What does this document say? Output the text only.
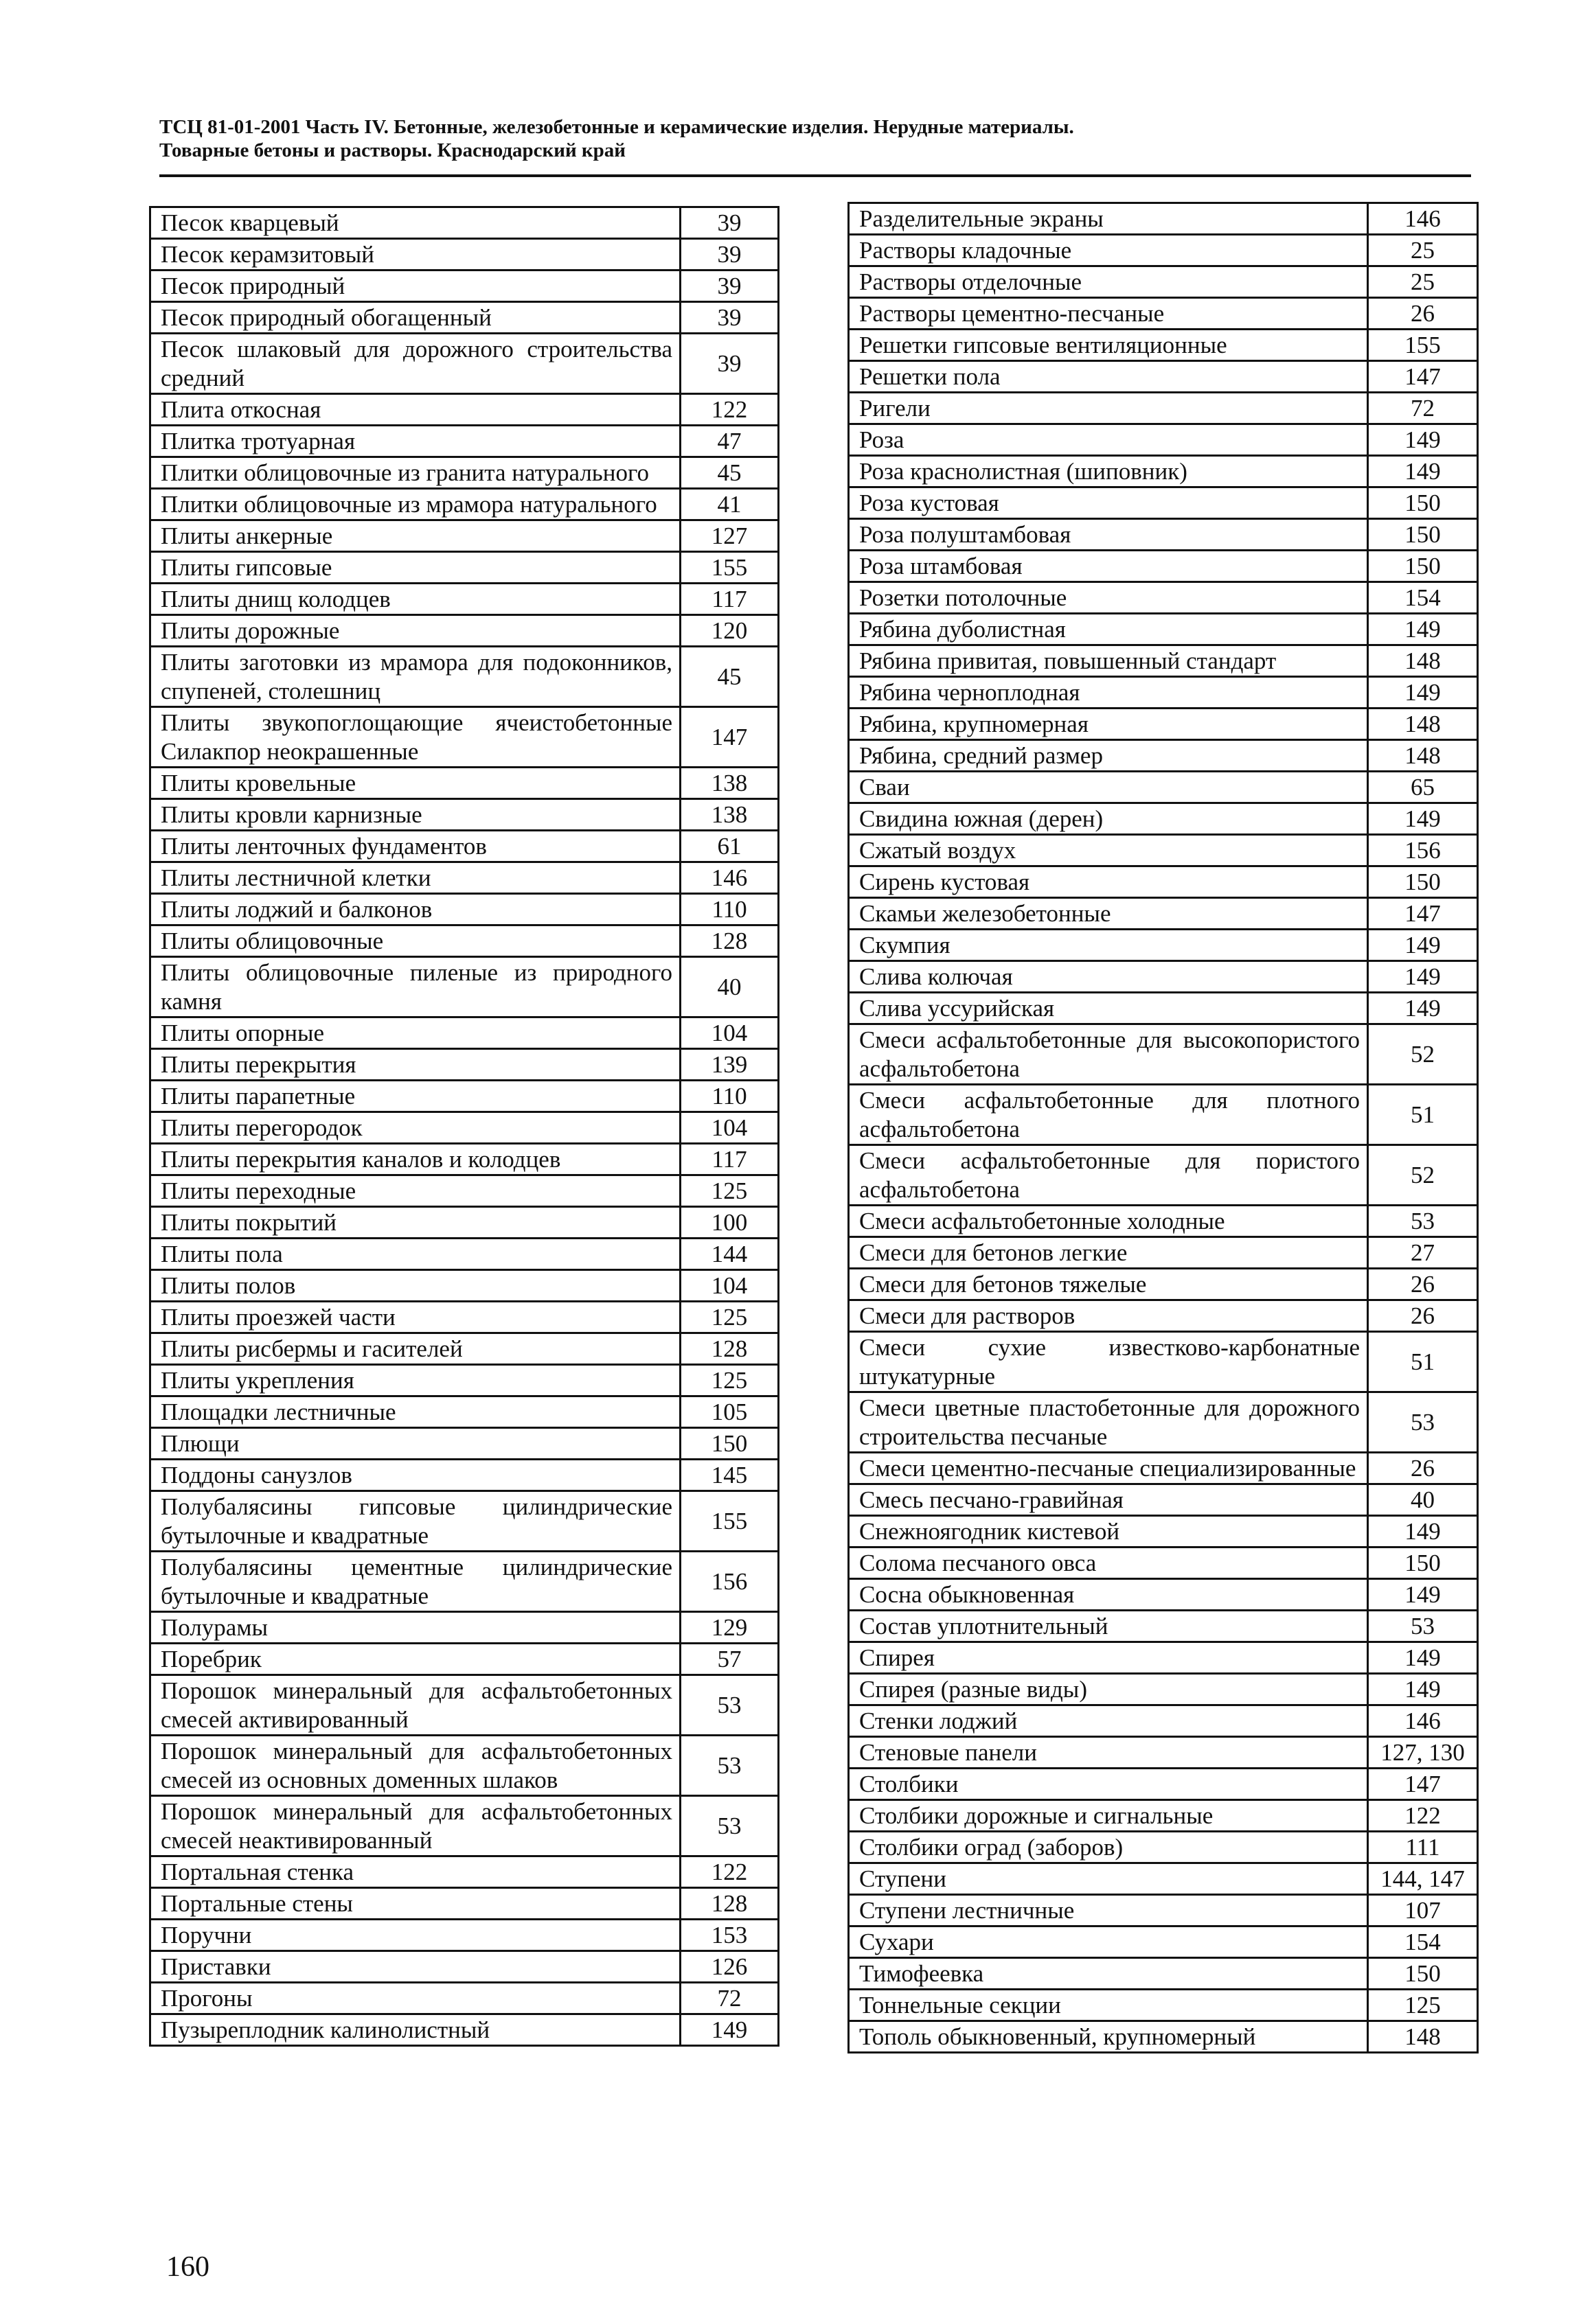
ТСЦ 81-01-2001 Часть IV. Бетонные, железобетонные и керамические изделия. Нерудные материалы.
Товарные бетоны и растворы. Краснодарский край
Песок кварцевый	39
Песок керамзитовый	39
Песок природный	39
Песок природный обогащенный	39
Песок шлаковый для дорожного строительства средний	39
Плита откосная	122
Плитка тротуарная	47
Плитки облицовочные из гранита натурального	45
Плитки облицовочные из мрамора натурального	41
Плиты анкерные	127
Плиты гипсовые	155
Плиты днищ колодцев	117
Плиты дорожные	120
Плиты заготовки из мрамора для подоконников, спупеней, столешниц	45
Плиты звукопоглощающие ячеистобетонные Силакпор неокрашенные	147
Плиты кровельные	138
Плиты кровли карнизные	138
Плиты ленточных фундаментов	61
Плиты лестничной клетки	146
Плиты лоджий и балконов	110
Плиты облицовочные	128
Плиты облицовочные пиленые из природного камня	40
Плиты опорные	104
Плиты перекрытия	139
Плиты парапетные	110
Плиты перегородок	104
Плиты перекрытия каналов и колодцев	117
Плиты переходные	125
Плиты покрытий	100
Плиты пола	144
Плиты полов	104
Плиты проезжей части	125
Плиты рисбермы и гасителей	128
Плиты укрепления	125
Площадки лестничные	105
Плющи	150
Поддоны санузлов	145
Полубалясины гипсовые цилиндрические бутылочные и квадратные	155
Полубалясины цементные цилиндрические бутылочные и квадратные	156
Полурамы	129
Поребрик	57
Порошок минеральный для асфальтобетонных смесей активированный	53
Порошок минеральный для асфальтобетонных смесей из основных доменных шлаков	53
Порошок минеральный для асфальтобетонных смесей неактивированный	53
Портальная стенка	122
Портальные стены	128
Поручни	153
Приставки	126
Прогоны	72
Пузыреплодник калинолистный	149
Разделительные экраны	146
Растворы кладочные	25
Растворы отделочные	25
Растворы цементно-песчаные	26
Решетки гипсовые вентиляционные	155
Решетки пола	147
Ригели	72
Роза	149
Роза краснолистная (шиповник)	149
Роза кустовая	150
Роза полуштамбовая	150
Роза штамбовая	150
Розетки потолочные	154
Рябина дуболистная	149
Рябина привитая, повышенный стандарт	148
Рябина черноплодная	149
Рябина, крупномерная	148
Рябина, средний размер	148
Сваи	65
Свидина южная (дерен)	149
Сжатый воздух	156
Сирень кустовая	150
Скамьи железобетонные	147
Скумпия	149
Слива колючая	149
Слива уссурийская	149
Смеси асфальтобетонные для высокопористого асфальтобетона	52
Смеси асфальтобетонные для плотного асфальтобетона	51
Смеси асфальтобетонные для пористого асфальтобетона	52
Смеси асфальтобетонные холодные	53
Смеси для бетонов легкие	27
Смеси для бетонов тяжелые	26
Смеси для растворов	26
Смеси сухие известково-карбонатные штукатурные	51
Смеси цветные пластобетонные для дорожного строительства песчаные	53
Смеси цементно-песчаные специализированные	26
Смесь песчано-гравийная	40
Снежноягодник кистевой	149
Солома песчаного овса	150
Сосна обыкновенная	149
Состав уплотнительный	53
Спирея	149
Спирея (разные виды)	149
Стенки лоджий	146
Стеновые панели	127, 130
Столбики	147
Столбики дорожные и сигнальные	122
Столбики оград (заборов)	111
Ступени	144, 147
Ступени лестничные	107
Сухари	154
Тимофеевка	150
Тоннельные секции	125
Тополь обыкновенный, крупномерный	148
160
